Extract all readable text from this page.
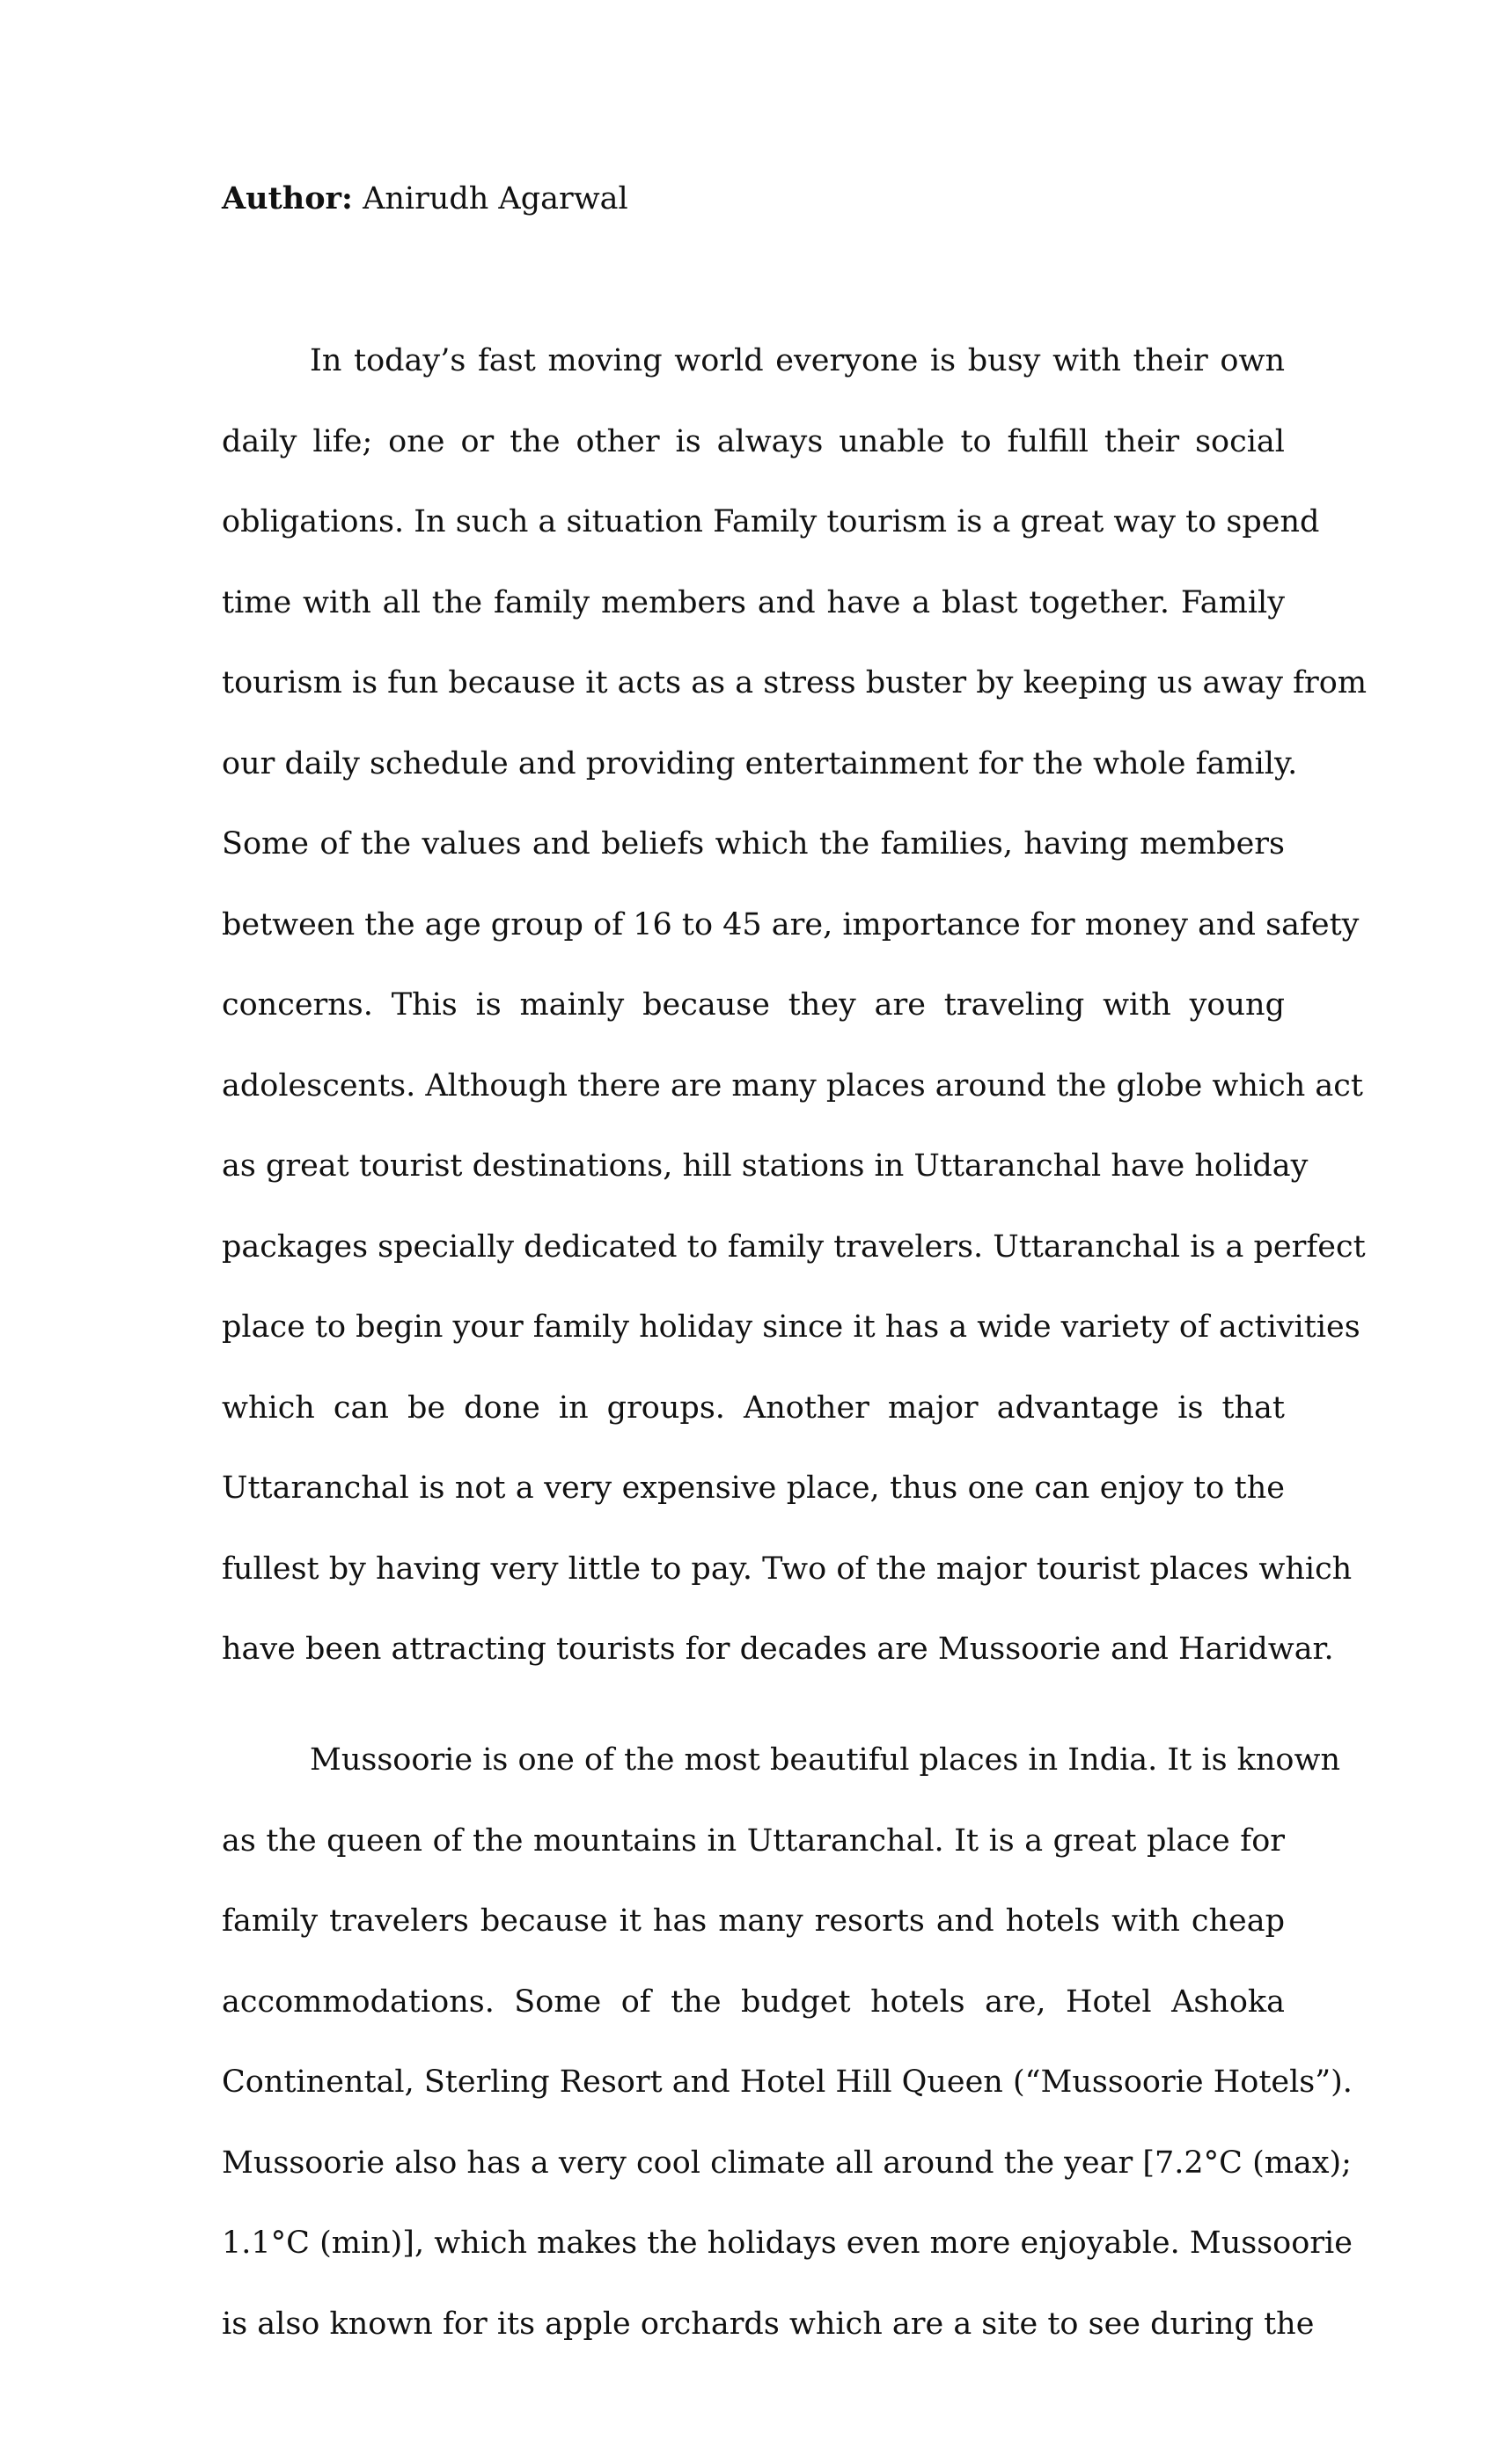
Author: Anirudh Agarwal
In today’s fast moving world everyone is busy with their own
daily life; one or the other is always unable to fulfill their social
obligations. In such a situation Family tourism is a great way to spend
time with all the family members and have a blast together. Family
tourism is fun because it acts as a stress buster by keeping us away from
our daily schedule and providing entertainment for the whole family.
Some of the values and beliefs which the families, having members
between the age group of 16 to 45 are, importance for money and safety
concerns. This is mainly because they are traveling with young
adolescents. Although there are many places around the globe which act
as great tourist destinations, hill stations in Uttaranchal have holiday
packages specially dedicated to family travelers. Uttaranchal is a perfect
place to begin your family holiday since it has a wide variety of activities
which can be done in groups. Another major advantage is that
Uttaranchal is not a very expensive place, thus one can enjoy to the
fullest by having very little to pay. Two of the major tourist places which
have been attracting tourists for decades are Mussoorie and Haridwar.
Mussoorie is one of the most beautiful places in India. It is known
as the queen of the mountains in Uttaranchal. It is a great place for
family travelers because it has many resorts and hotels with cheap
accommodations. Some of the budget hotels are, Hotel Ashoka
Continental, Sterling Resort and Hotel Hill Queen (“Mussoorie Hotels”).
Mussoorie also has a very cool climate all around the year [7.2°C (max);
1.1°C (min)], which makes the holidays even more enjoyable. Mussoorie
is also known for its apple orchards which are a site to see during the
